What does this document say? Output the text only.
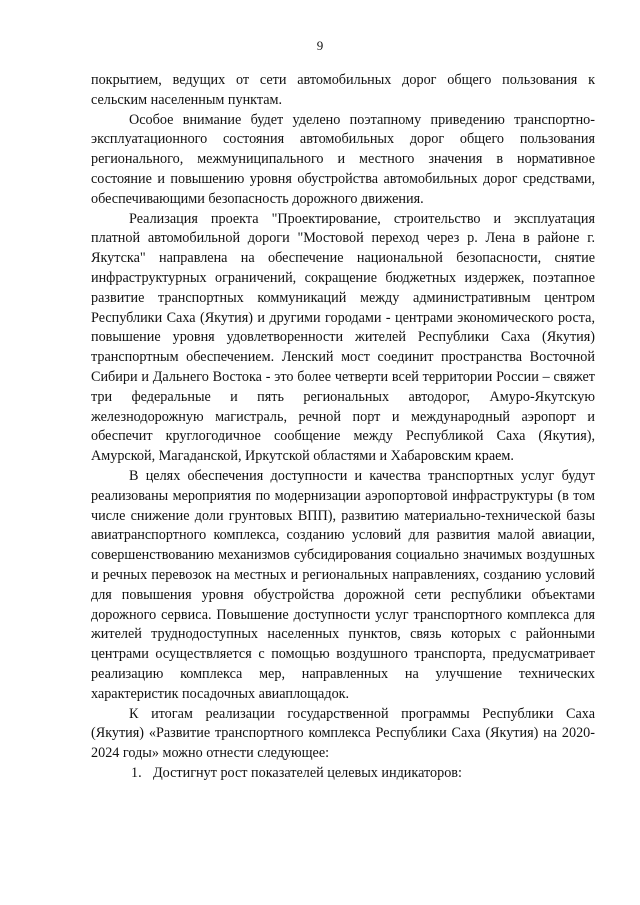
9

покрытием, ведущих от сети автомобильных дорог общего пользования к сельским населенным пунктам.

Особое внимание будет уделено поэтапному приведению транспортно-эксплуатационного состояния автомобильных дорог общего пользования регионального, межмуниципального и местного значения в нормативное состояние и повышению уровня обустройства автомобильных дорог средствами, обеспечивающими безопасность дорожного движения.

Реализация проекта "Проектирование, строительство и эксплуатация платной автомобильной дороги "Мостовой переход через р. Лена в районе г. Якутска" направлена на обеспечение национальной безопасности, снятие инфраструктурных ограничений, сокращение бюджетных издержек, поэтапное развитие транспортных коммуникаций между административным центром Республики Саха (Якутия) и другими городами - центрами экономического роста, повышение уровня удовлетворенности жителей Республики Саха (Якутия) транспортным обеспечением. Ленский мост соединит пространства Восточной Сибири и Дальнего Востока - это более четверти всей территории России – свяжет три федеральные и пять региональных автодорог, Амуро-Якутскую железнодорожную магистраль, речной порт и международный аэропорт и обеспечит круглогодичное сообщение между Республикой Саха (Якутия), Амурской, Магаданской, Иркутской областями и Хабаровским краем.

В целях обеспечения доступности и качества транспортных услуг будут реализованы мероприятия по модернизации аэропортовой инфраструктуры (в том числе снижение доли грунтовых ВПП), развитию материально-технической базы авиатранспортного комплекса, созданию условий для развития малой авиации, совершенствованию механизмов субсидирования социально значимых воздушных и речных перевозок на местных и региональных направлениях, созданию условий для повышения уровня обустройства дорожной сети республики объектами дорожного сервиса. Повышение доступности услуг транспортного комплекса для жителей труднодоступных населенных пунктов, связь которых с районными центрами осуществляется с помощью воздушного транспорта, предусматривает реализацию комплекса мер, направленных на улучшение технических характеристик посадочных авиаплощадок.

К итогам реализации государственной программы Республики Саха (Якутия) «Развитие транспортного комплекса Республики Саха (Якутия) на 2020-2024 годы» можно отнести следующее:

1. Достигнут рост показателей целевых индикаторов:
